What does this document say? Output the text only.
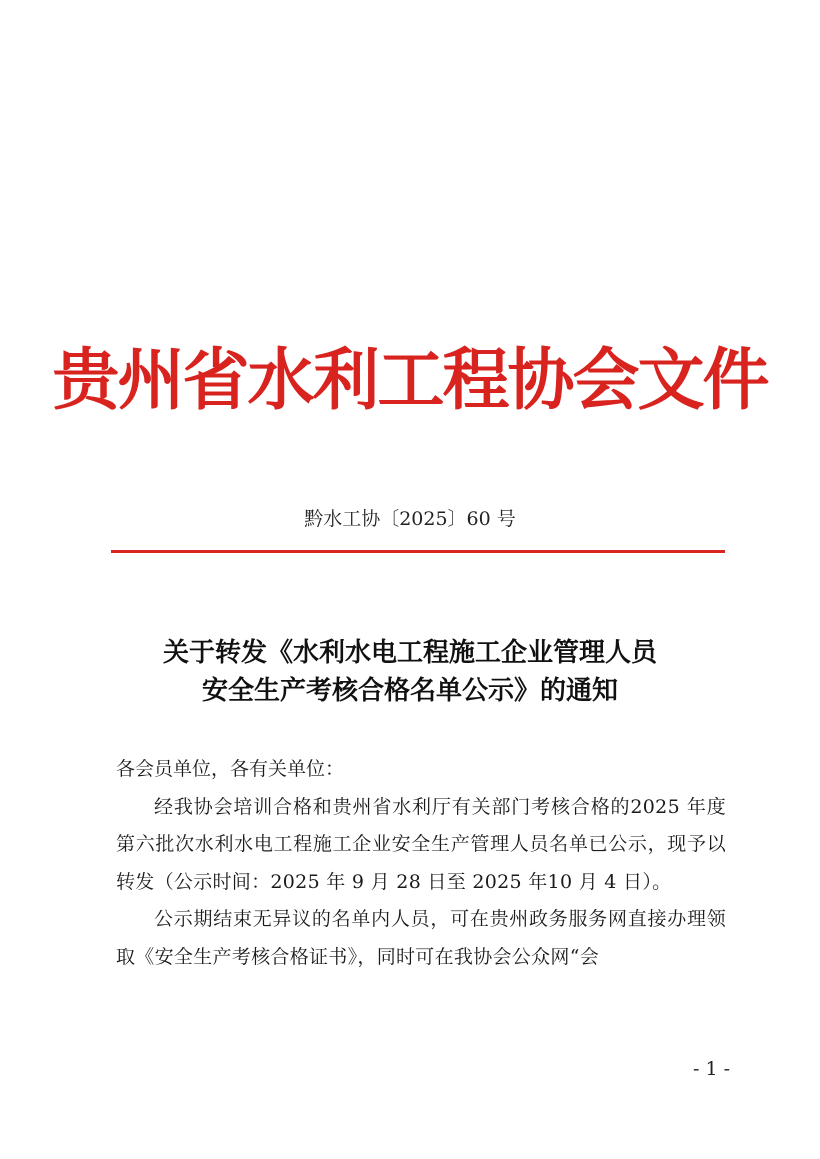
贵州省水利工程协会文件
黔水工协〔2025〕60 号
关于转发《水利水电工程施工企业管理人员
安全生产考核合格名单公示》的通知
各会员单位，各有关单位：

经我协会培训合格和贵州省水利厅有关部门考核合格的2025 年度第六批次水利水电工程施工企业安全生产管理人员名单已公示，现予以转发（公示时间：2025 年 9 月 28 日至 2025 年10 月 4 日）。

公示期结束无异议的名单内人员，可在贵州政务服务网直接办理领取《安全生产考核合格证书》，同时可在我协会公众网“会

- 1 -
